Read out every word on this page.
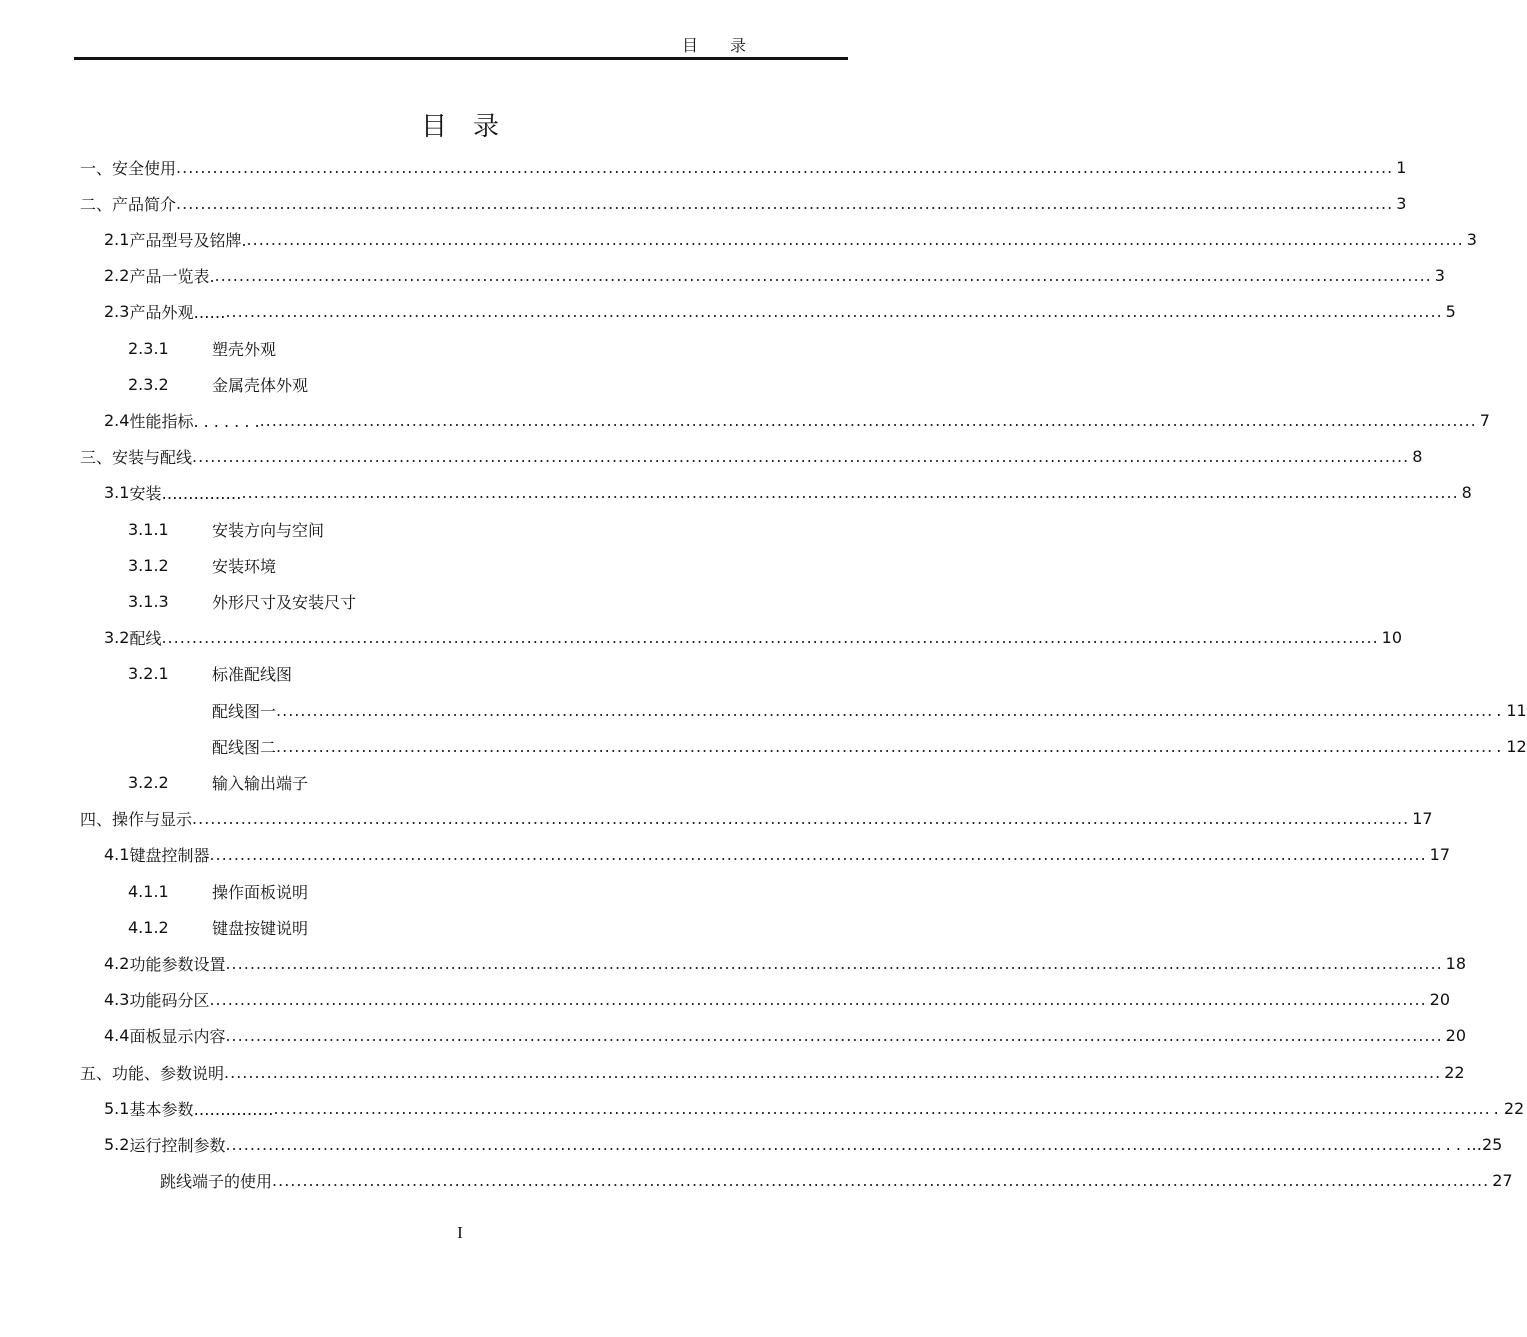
目　　录
目　录
一、 安全使用 ........................................................................................................................................................................................................ 1
二、 产品简介 ........................................................................................................................................................................................................ 3
2.1 产品型号及铭牌. ........................................................................................................................................................................................................ 3
2.2 产品一览表. ........................................................................................................................................................................................................ 3
2.3 产品外观…… ........................................................................................................................................................................................................ 5
2.3.1	塑壳外观
2.3.2	金属壳体外观
2.4 性能指标. . . . . . . ........................................................................................................................................................................................................ 7
三、 安装与配线 ........................................................................................................................................................................................................ 8
3.1 安装…………… ........................................................................................................................................................................................................ 8
3.1.1	安装方向与空间
3.1.2	安装环境
3.1.3	外形尺寸及安装尺寸
3.2 配线 ........................................................................................................................................................................................................ 10
3.2.1	标准配线图
配线图一 ........................................................................................................................................................................................................ . 11
配线图二 ........................................................................................................................................................................................................ . 12
3.2.2	输入输出端子
四、 操作与显示 ........................................................................................................................................................................................................ 17
4.1 键盘控制器 ........................................................................................................................................................................................................ 17
4.1.1	操作面板说明
4.1.2	键盘按键说明
4.2 功能参数设置 ........................................................................................................................................................................................................ 18
4.3 功能码分区 ........................................................................................................................................................................................................ 20
4.4 面板显示内容 ........................................................................................................................................................................................................ 20
五、 功能、参数说明 ........................................................................................................................................................................................................ 22
5.1 基本参数…………… ........................................................................................................................................................................................................ . 22
5.2 运行控制参数 ........................................................................................................................................................................................................ . . …25
跳线端子的使用 ........................................................................................................................................................................................................ 27
I
